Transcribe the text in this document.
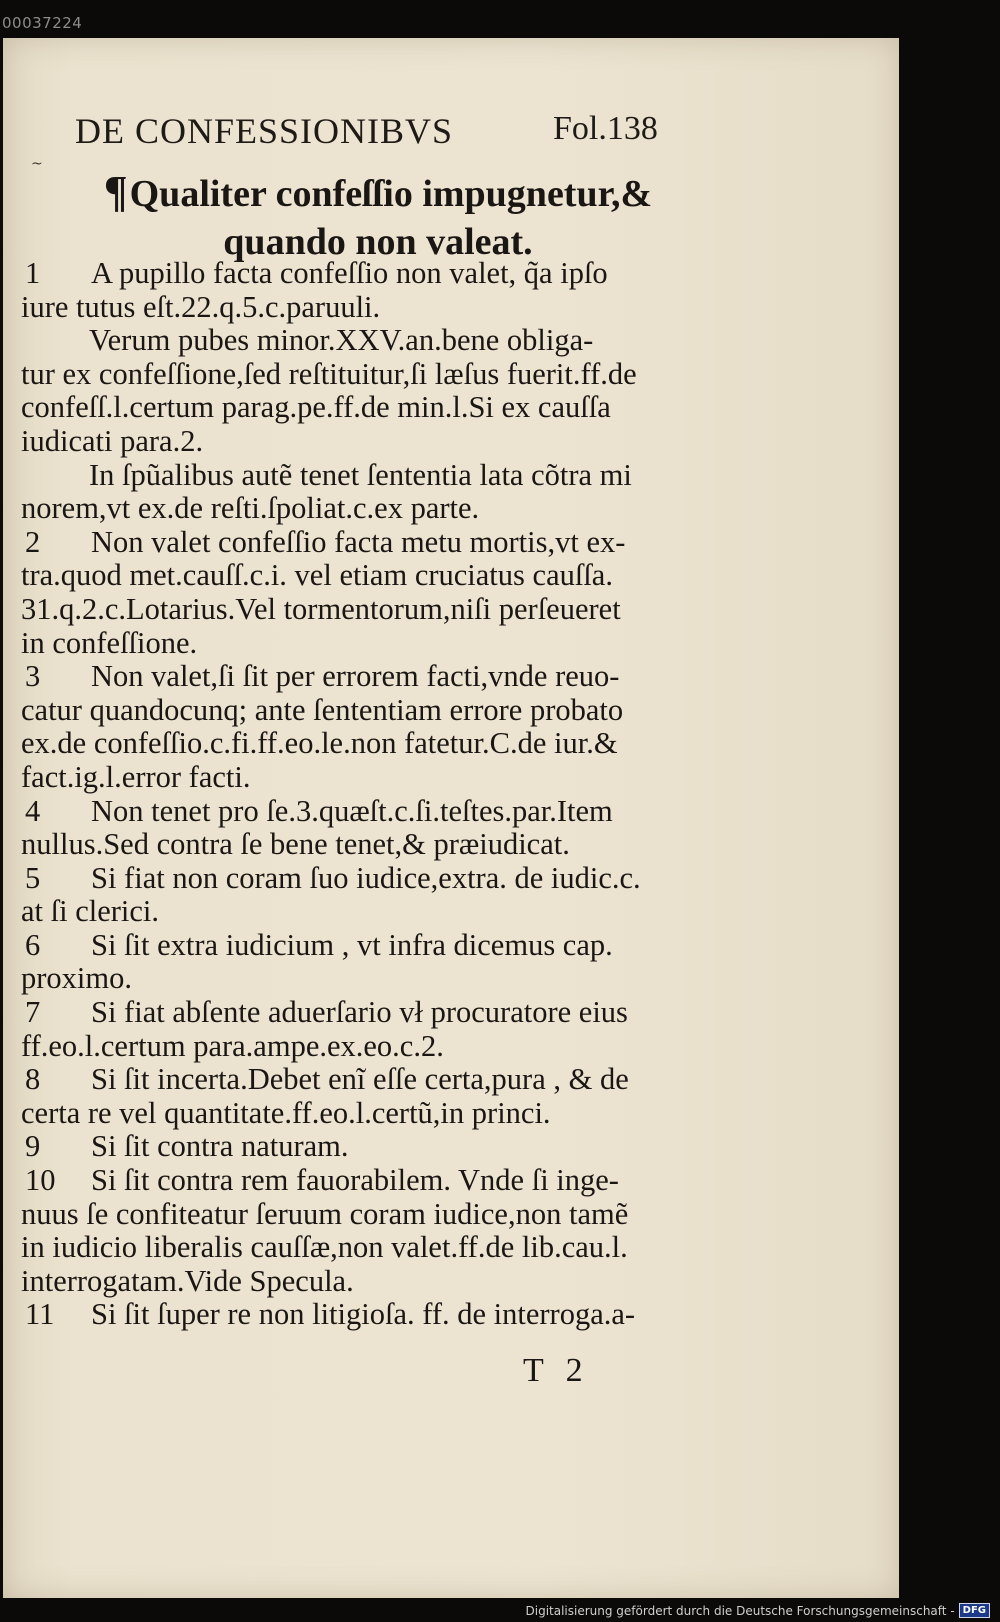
00037224
DE CONFESSIONIBVS	Fol.138
~
¶Qualiter confeſſio impugnetur,&
quando non valeat.
1 A pupillo facta confeſſio non valet, q̃a ipſo
iure tutus eſt.22.q.5.c.paruuli.
Verum pubes minor.XXV.an.bene obliga-
tur ex confeſſione,ſed reſtituitur,ſi læſus fuerit.ff.de
confeſſ.l.certum parag.pe.ff.de min.l.Si ex cauſſa
iudicati para.2.
In ſpũalibus autẽ tenet ſententia lata cõtra mi
norem,vt ex.de reſti.ſpoliat.c.ex parte.
2 Non valet confeſſio facta metu mortis,vt ex-
tra.quod met.cauſſ.c.i. vel etiam cruciatus cauſſa.
31.q.2.c.Lotarius.Vel tormentorum,niſi perſeueret
in confeſſione.
3 Non valet,ſi ſit per errorem facti,vnde reuo-
catur quandocunq; ante ſententiam errore probato
ex.de confeſſio.c.fi.ff.eo.le.non fatetur.C.de iur.&
fact.ig.l.error facti.
4 Non tenet pro ſe.3.quæſt.c.ſi.teſtes.par.Item
nullus.Sed contra ſe bene tenet,& præiudicat.
5 Si fiat non coram ſuo iudice,extra. de iudic.c.
at ſi clerici.
6 Si ſit extra iudicium , vt infra dicemus cap.
proximo.
7 Si fiat abſente aduerſario vł procuratore eius
ff.eo.l.certum para.ampe.ex.eo.c.2.
8 Si ſit incerta.Debet enĩ eſſe certa,pura , & de
certa re vel quantitate.ff.eo.l.certũ,in princi.
9 Si ſit contra naturam.
10 Si ſit contra rem fauorabilem. Vnde ſi inge-
nuus ſe confiteatur ſeruum coram iudice,non tamẽ
in iudicio liberalis cauſſæ,non valet.ff.de lib.cau.l.
interrogatam.Vide Specula.
11 Si ſit ſuper re non litigioſa. ff. de interroga.a-
T 2
Digitalisierung gefördert durch die Deutsche Forschungsgemeinschaft - DFG
